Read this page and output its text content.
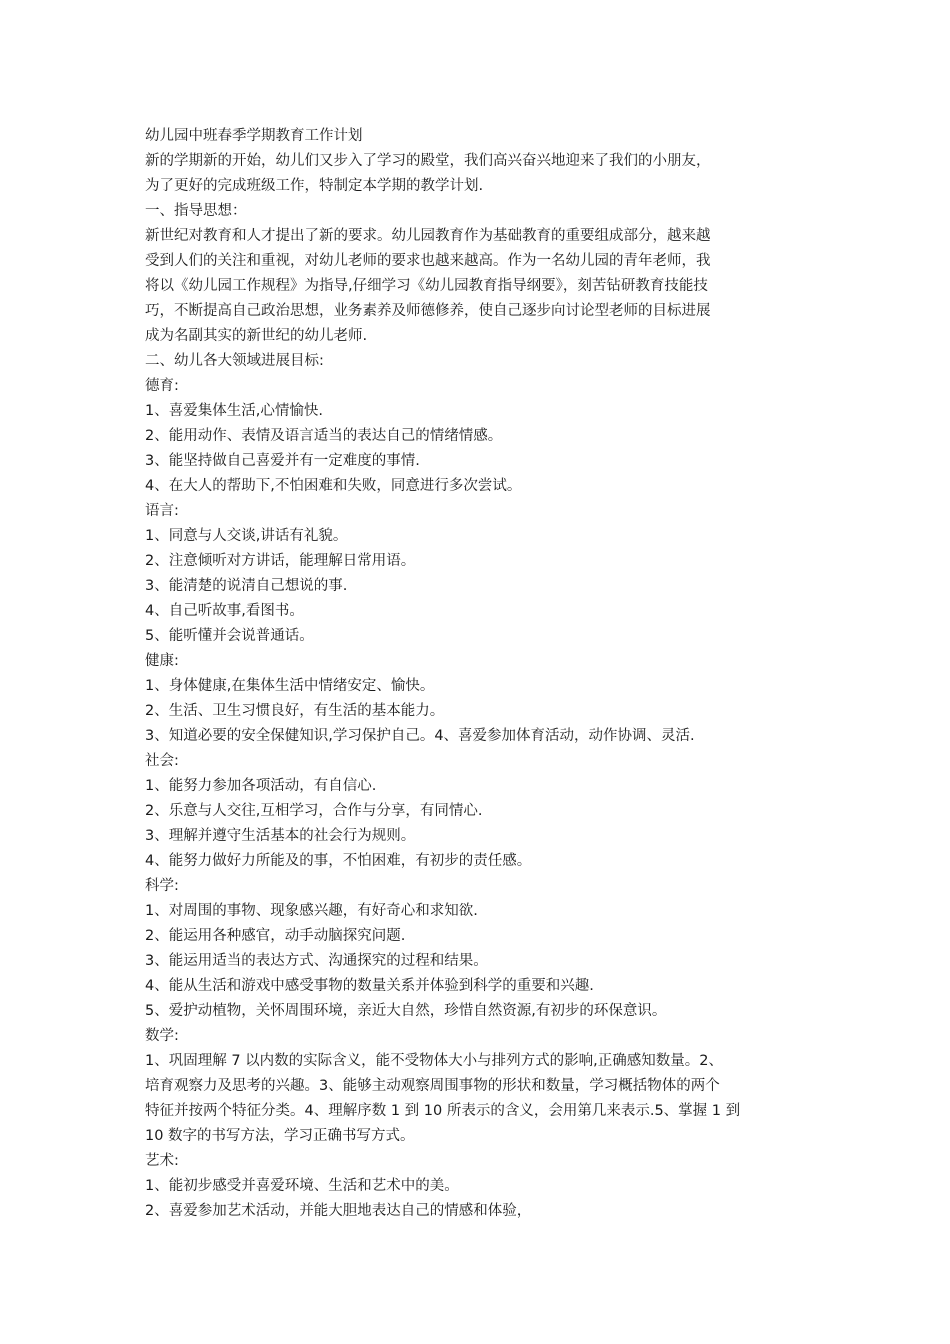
幼儿园中班春季学期教育工作计划

新的学期新的开始，幼儿们又步入了学习的殿堂，我们高兴奋兴地迎来了我们的小朋友，

为了更好的完成班级工作，特制定本学期的教学计划.

一、指导思想：

新世纪对教育和人才提出了新的要求。幼儿园教育作为基础教育的重要组成部分，越来越

受到人们的关注和重视，对幼儿老师的要求也越来越高。作为一名幼儿园的青年老师，我

将以《幼儿园工作规程》为指导,仔细学习《幼儿园教育指导纲要》，刻苦钻研教育技能技

巧，不断提高自己政治思想，业务素养及师德修养，使自己逐步向讨论型老师的目标进展

成为名副其实的新世纪的幼儿老师.

二、幼儿各大领域进展目标:

德育:

1、喜爱集体生活,心情愉快.

2、能用动作、表情及语言适当的表达自己的情绪情感。

3、能坚持做自己喜爱并有一定难度的事情.

4、在大人的帮助下,不怕困难和失败，同意进行多次尝试。

语言:

1、同意与人交谈,讲话有礼貌。

2、注意倾听对方讲话，能理解日常用语。

3、能清楚的说清自己想说的事.

4、自己听故事,看图书。

5、能听懂并会说普通话。

健康:

1、身体健康,在集体生活中情绪安定、愉快。

2、生活、卫生习惯良好，有生活的基本能力。

3、知道必要的安全保健知识,学习保护自己。4、喜爱参加体育活动，动作协调、灵活.

社会:

1、能努力参加各项活动，有自信心.

2、乐意与人交往,互相学习，合作与分享，有同情心.

3、理解并遵守生活基本的社会行为规则。

4、能努力做好力所能及的事，不怕困难，有初步的责任感。

科学:

1、对周围的事物、现象感兴趣，有好奇心和求知欲.

2、能运用各种感官，动手动脑探究问题.

3、能运用适当的表达方式、沟通探究的过程和结果。

4、能从生活和游戏中感受事物的数量关系并体验到科学的重要和兴趣.

5、爱护动植物，关怀周围环境，亲近大自然，珍惜自然资源,有初步的环保意识。

数学:

1、巩固理解 7 以内数的实际含义，能不受物体大小与排列方式的影响,正确感知数量。2、

培育观察力及思考的兴趣。3、能够主动观察周围事物的形状和数量，学习概括物体的两个

特征并按两个特征分类。4、理解序数 1 到 10 所表示的含义，会用第几来表示.5、掌握 1 到

10 数字的书写方法，学习正确书写方式。

艺术:

1、能初步感受并喜爱环境、生活和艺术中的美。

2、喜爱参加艺术活动，并能大胆地表达自己的情感和体验，
